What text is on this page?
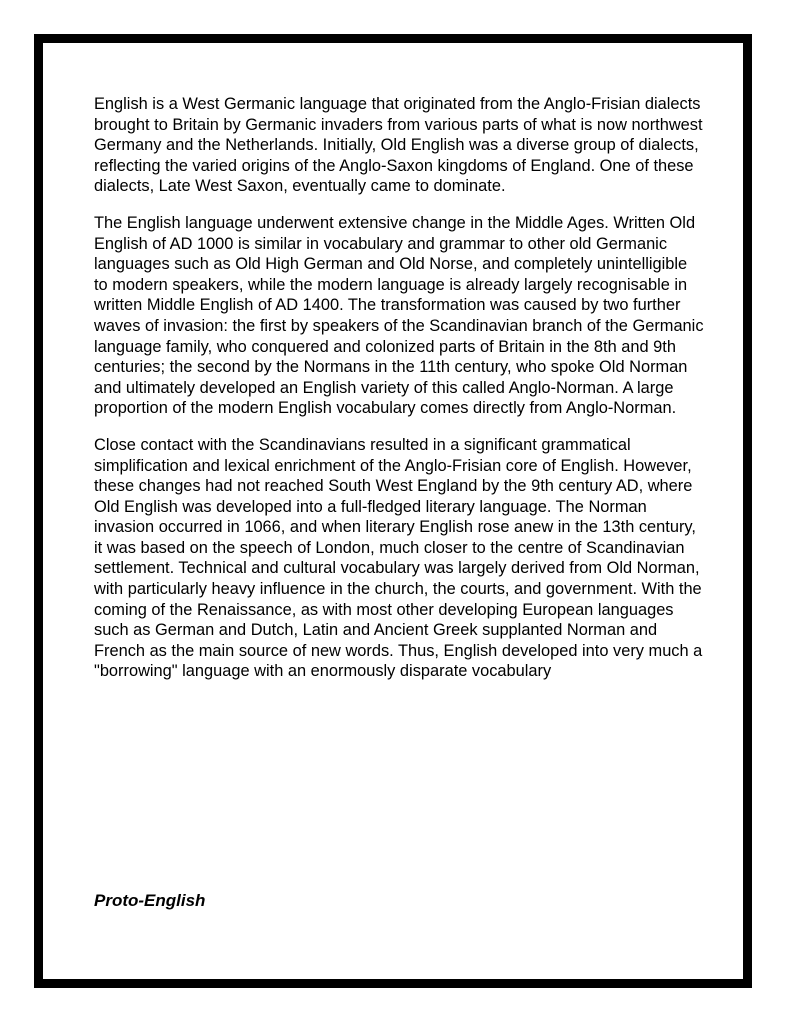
English is a West Germanic language that originated from the Anglo-Frisian dialects brought to Britain by Germanic invaders from various parts of what is now northwest Germany and the Netherlands. Initially, Old English was a diverse group of dialects, reflecting the varied origins of the Anglo-Saxon kingdoms of England. One of these dialects, Late West Saxon, eventually came to dominate.

The English language underwent extensive change in the Middle Ages. Written Old English of AD 1000 is similar in vocabulary and grammar to other old Germanic languages such as Old High German and Old Norse, and completely unintelligible to modern speakers, while the modern language is already largely recognisable in written Middle English of AD 1400. The transformation was caused by two further waves of invasion: the first by speakers of the Scandinavian branch of the Germanic language family, who conquered and colonized parts of Britain in the 8th and 9th centuries; the second by the Normans in the 11th century, who spoke Old Norman and ultimately developed an English variety of this called Anglo-Norman. A large proportion of the modern English vocabulary comes directly from Anglo-Norman.

Close contact with the Scandinavians resulted in a significant grammatical simplification and lexical enrichment of the Anglo-Frisian core of English. However, these changes had not reached South West England by the 9th century AD, where Old English was developed into a full-fledged literary language. The Norman invasion occurred in 1066, and when literary English rose anew in the 13th century, it was based on the speech of London, much closer to the centre of Scandinavian settlement. Technical and cultural vocabulary was largely derived from Old Norman, with particularly heavy influence in the church, the courts, and government. With the coming of the Renaissance, as with most other developing European languages such as German and Dutch, Latin and Ancient Greek supplanted Norman and French as the main source of new words. Thus, English developed into very much a "borrowing" language with an enormously disparate vocabulary

Proto-English
